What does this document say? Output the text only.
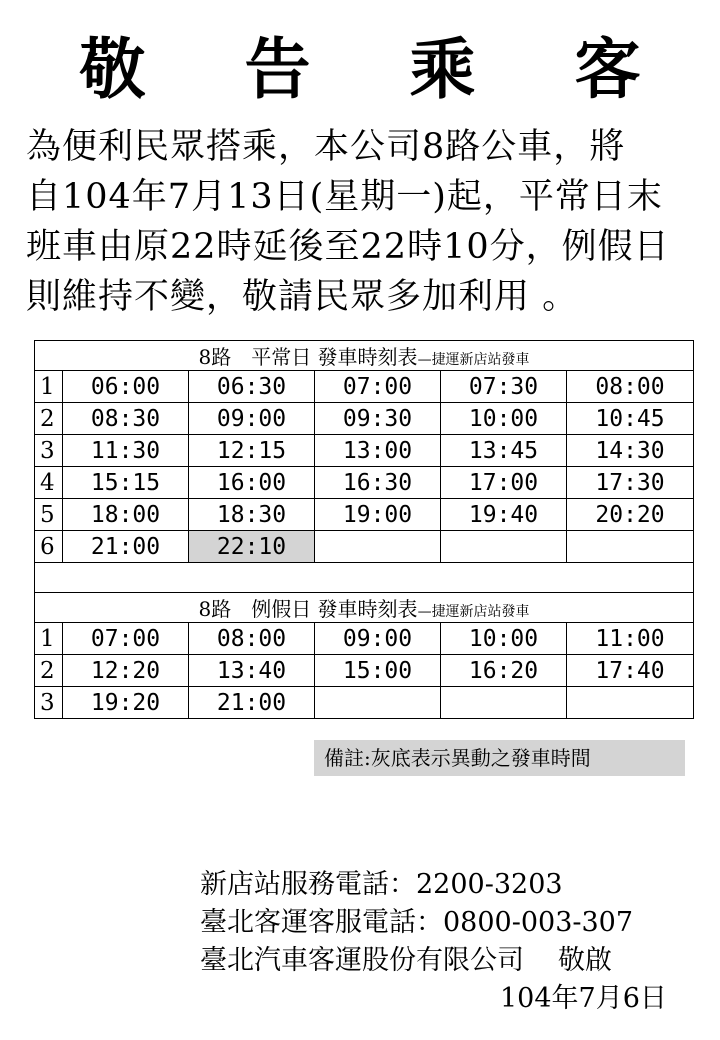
敬 告 乘 客
為便利民眾搭乘，本公司8路公車，將
自104年7月13日(星期一)起，平常日末
班車由原22時延後至22時10分，例假日
則維持不變，敬請民眾多加利用 。
8路　平常日 發車時刻表—捷運新店站發車					
1	06:00	06:30	07:00	07:30	08:00
2	08:30	09:00	09:30	10:00	10:45
3	11:30	12:15	13:00	13:45	14:30
4	15:15	16:00	16:30	17:00	17:30
5	18:00	18:30	19:00	19:40	20:20
6	21:00	22:10			

8路　例假日 發車時刻表—捷運新店站發車					
1	07:00	08:00	09:00	10:00	11:00
2	12:20	13:40	15:00	16:20	17:40
3	19:20	21:00			
備註:灰底表示異動之發車時間
新店站服務電話：2200-3203
臺北客運客服電話：0800-003-307
臺北汽車客運股份有限公司 敬啟
104年7月6日
